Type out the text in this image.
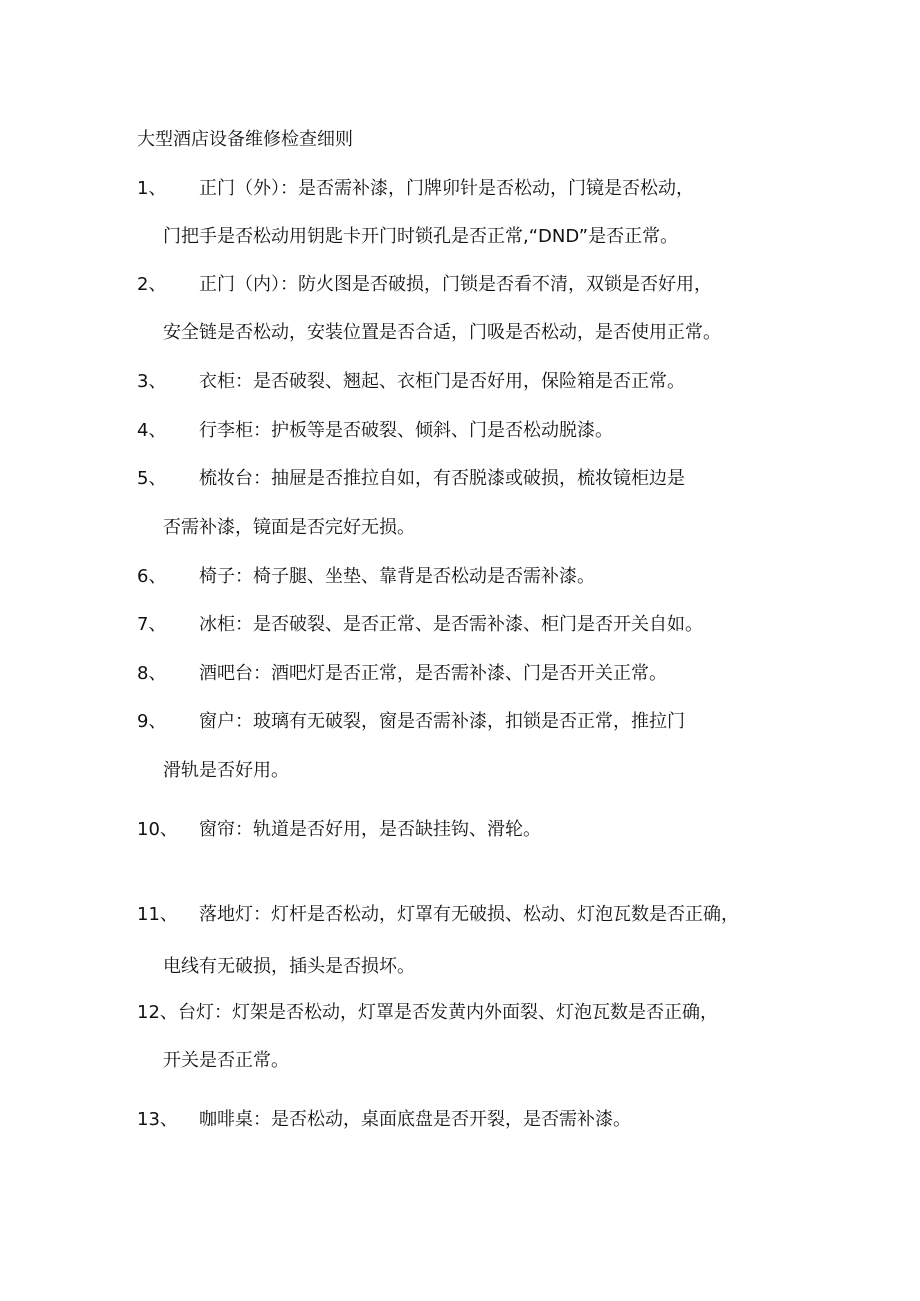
大型酒店设备维修检查细则
1、 正门（外）：是否需补漆，门牌卯针是否松动，门镜是否松动，
门把手是否松动用钥匙卡开门时锁孔是否正常,“DND”是否正常。
2、 正门（内）：防火图是否破损，门锁是否看不清，双锁是否好用，
安全链是否松动，安装位置是否合适，门吸是否松动，是否使用正常。
3、 衣柜：是否破裂、翘起、衣柜门是否好用，保险箱是否正常。
4、 行李柜：护板等是否破裂、倾斜、门是否松动脱漆。
5、 梳妆台：抽屉是否推拉自如，有否脱漆或破损，梳妆镜柜边是
否需补漆，镜面是否完好无损。
6、 椅子：椅子腿、坐垫、靠背是否松动是否需补漆。
7、 冰柜：是否破裂、是否正常、是否需补漆、柜门是否开关自如。
8、 酒吧台：酒吧灯是否正常，是否需补漆、门是否开关正常。
9、 窗户：玻璃有无破裂，窗是否需补漆，扣锁是否正常，推拉门
滑轨是否好用。
10、 窗帘：轨道是否好用，是否缺挂钩、滑轮。
11、 落地灯：灯杆是否松动，灯罩有无破损、松动、灯泡瓦数是否正确，
电线有无破损，插头是否损坏。
12、 台灯：灯架是否松动，灯罩是否发黄内外面裂、灯泡瓦数是否正确，
开关是否正常。
13、 咖啡桌：是否松动，桌面底盘是否开裂，是否需补漆。
